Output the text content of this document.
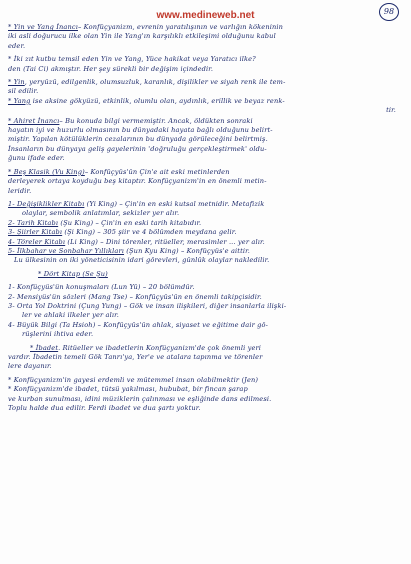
www.medineweb.net	98
* Yin ve Yang İnancı– Konfüçyanizm, evrenin yaratılışının ve varlığın kökeninin
iki asli doğurucu ilke olan Yin ile Yang'ın karşılıklı etkileşimi olduğunu kabul
eder.
* İki zıt kutbu temsil eden Yin ve Yang, Yüce hakikat veya Yaratıcı ilke?
den (Tai Ci) akmıştır. Her şey sürekli bir değişim içindedir.
* Yin, yeryüzü, edilgenlik, olumsuzluk, karanlık, dişilikler ve siyah renk ile tem-
sil edilir.
* Yang ise aksine gökyüzü, etkinlik, olumlu olan, aydınlık, erillik ve beyaz renk-
tir.
* Ahiret İnancı– Bu konuda bilgi vermemiştir. Ancak, öldükten sonraki
hayatın iyi ve huzurlu olmasının bu dünyadaki hayata bağlı olduğunu belirt-
miştir. Yapılan kötülüklerin cezalarının bu dünyada görüleceğini belirtmiş.
İnsanların bu dünyaya geliş gayelerinin 'doğruluğu gerçekleştirmek' oldu-
ğunu ifade eder.
* Beş Klasik (Vu King)– Konfüçyüs'ün Çin'e ait eski metinlerden
derleyerek ortaya koyduğu beş kitaptır. Konfüçyanizm'in en önemli metin-
leridir.
1- Değişiklikler Kitabı (Yi King) – Çin'in en eski kutsal metnidir. Metafizik
olaylar, sembolik anlatımlar, sekizler yer alır.
2- Tarih Kitabı (Şu King) – Çin'in en eski tarih kitabıdır.
3- Şiirler Kitabı (Şi King) – 305 şiir ve 4 bölümden meydana gelir.
4- Töreler Kitabı (Li King) – Dini törenler, ritüeller, merasimler ... yer alır.
5- İlkbahar ve Sonbahar Yıllıkları (Şun Kyu King) – Konfüçyüs'e aittir.
Lu ülkesinin on iki yöneticisinin idari görevleri, günlük olaylar nakledilir.
* Dört Kitap (Se Şu)
1- Konfüçyüs'ün konuşmaları (Lun Yü) – 20 bölümdür.
2- Mensiyüs'ün sözleri (Mang Tse) – Konfüçyüs'ün en önemli takipçisidir.
3- Orta Yol Doktrini (Çung Yung) – Gök ve insan ilişkileri, diğer insanlarla ilişki-
ler ve ahlaki ilkeler yer alır.
4- Büyük Bilgi (Ta Hsioh) – Konfüçyüs'ün ahlak, siyaset ve eğitime dair gö-
rüşlerini ihtiva eder.
* İbadet. Ritüeller ve ibadetlerin Konfüçyanizm'de çok önemli yeri
vardır. İbadetin temeli Gök Tanrı'ya, Yer'e ve atalara tapınma ve törenler
lere dayanır.
* Konfüçyanizm'in gayesi erdemli ve mütemmel insan olabilmektir (Jen)
* Konfüçyanizm'de ibadet, tütsü yakılması, hububat, bir fincan şarap
ve kurban sunulması, idini müziklerin çalınması ve eşliğinde dans edilmesi.
Toplu halde dua edilir. Ferdi ibadet ve dua şartı yoktur.
